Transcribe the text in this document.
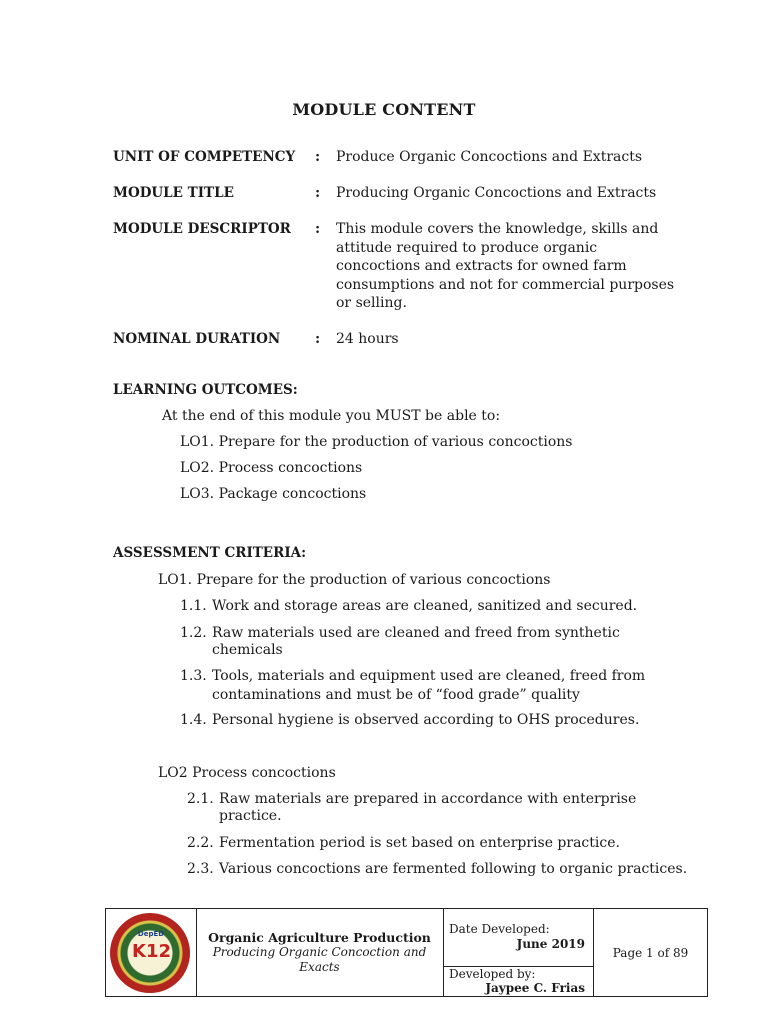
MODULE CONTENT
UNIT OF COMPETENCY : Produce Organic Concoctions and Extracts
MODULE TITLE	: Producing Organic Concoctions and Extracts
MODULE DESCRIPTOR : This module covers the knowledge, skills and attitude required to produce organic concoctions and extracts for owned farm consumptions and not for commercial purposes or selling.
NOMINAL DURATION : 24 hours
LEARNING OUTCOMES:
At the end of this module you MUST be able to:
LO1. Prepare for the production of various concoctions
LO2. Process concoctions
LO3. Package concoctions
ASSESSMENT CRITERIA:
LO1. Prepare for the production of various concoctions
1.1. Work and storage areas are cleaned, sanitized and secured.
1.2. Raw materials used are cleaned and freed from synthetic
chemicals
1.3. Tools, materials and equipment used are cleaned, freed from
contaminations and must be of “food grade” quality
1.4. Personal hygiene is observed according to OHS procedures.
LO2 Process concoctions
2.1. Raw materials are prepared in accordance with enterprise
practice.
2.2. Fermentation period is set based on enterprise practice.
2.3. Various concoctions are fermented following to organic practices.
DepED
K12
Organic Agriculture Production
Producing Organic Concoction and Exacts
Date Developed:
June 2019
Developed by:
Jaypee C. Frias
Page 1 of 89
